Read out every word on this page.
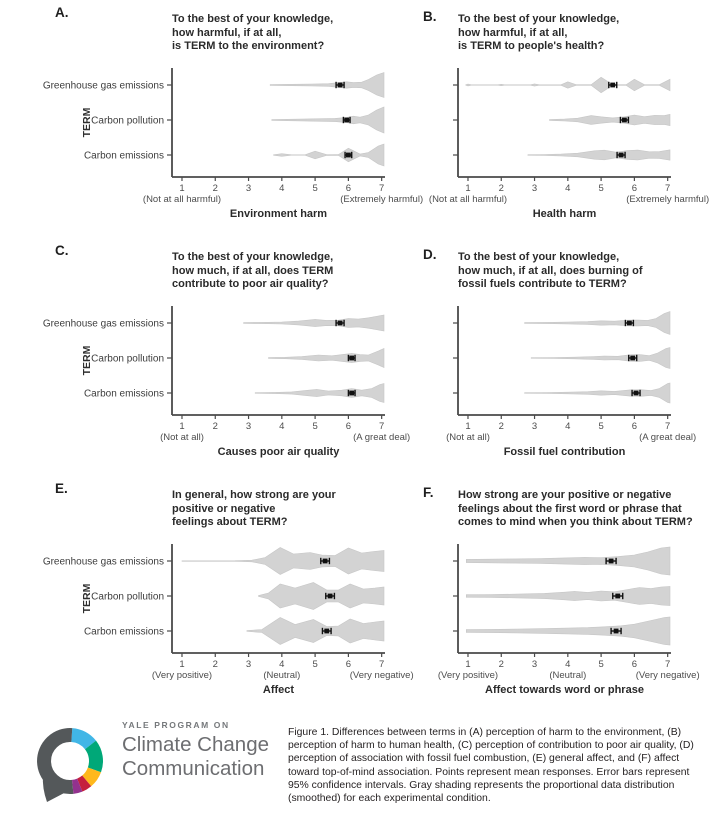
A.	To the best of your knowledge,
how harmful, if at all,
is TERM to the environment?
1	2	3	4	5	6	7
Greenhouse gas emissions
Carbon pollution
Carbon emissions
TERM
(Not at all harmful)	(Extremely harmful)
Environment harm
B. To the best of your knowledge,
how harmful, if at all,
is TERM to people's health?
1	2	3	4	5	6	7
(Not at all harmful)	(Extremely harmful)
Health harm
C.	To the best of your knowledge,
how much, if at all, does TERM
contribute to poor air quality?
1	2	3	4	5	6	7
Greenhouse gas emissions
Carbon pollution
Carbon emissions
TERM
(Not at all)	(A great deal)
Causes poor air quality
D. To the best of your knowledge,
how much, if at all, does burning of
fossil fuels contribute to TERM?
1	2	3	4	5	6	7
(Not at all)	(A great deal)
Fossil fuel contribution
E.	In general, how strong are your
positive or negative
feelings about TERM?
1	2	3	4	5	6	7
Greenhouse gas emissions
Carbon pollution
Carbon emissions
TERM
(Very positive)	(Neutral)	(Very negative)
Affect
F. How strong are your positive or negative
feelings about the first word or phrase that
comes to mind when you think about TERM?
1	2	3	4	5	6	7
(Very positive)	(Neutral)	(Very negative)
Affect towards word or phrase
YALE PROGRAM ON
Climate Change
Communication
Figure 1. Differences between terms in (A) perception of harm to the environment, (B) perception of harm to human health, (C) perception of contribution to poor air quality, (D) perception of association with fossil fuel combustion, (E) general affect, and (F) affect toward top-of-mind association. Points represent mean responses. Error bars represent 95% confidence intervals. Gray shading represents the proportional data distribution (smoothed) for each experimental condition.
